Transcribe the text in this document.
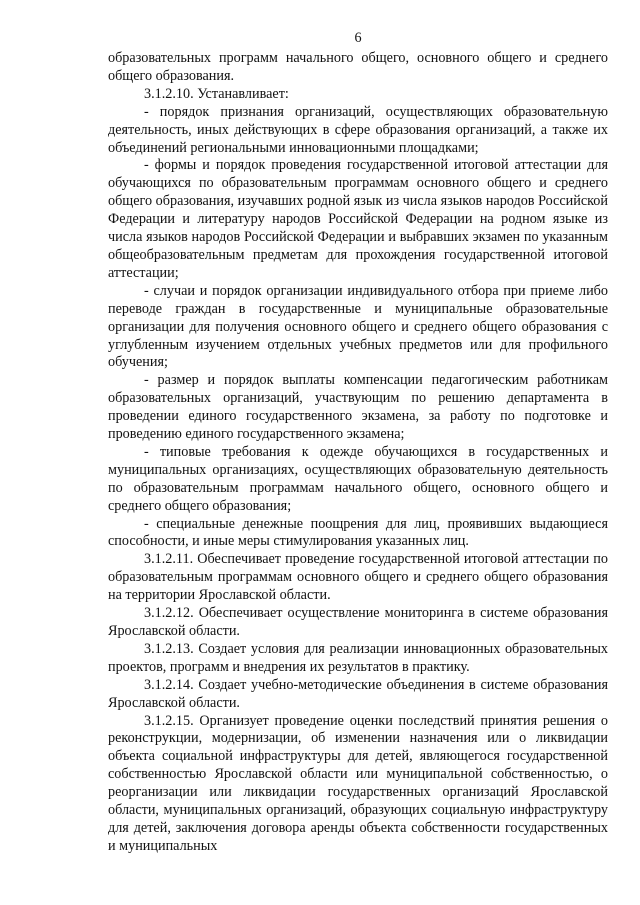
6

образовательных программ начального общего, основного общего и среднего общего образования.

3.1.2.10. Устанавливает:

- порядок признания организаций, осуществляющих образовательную деятельность, иных действующих в сфере образования организаций, а также их объединений региональными инновационными площадками;

- формы и порядок проведения государственной итоговой аттестации для обучающихся по образовательным программам основного общего и среднего общего образования, изучавших родной язык из числа языков народов Российской Федерации и литературу народов Российской Федерации на родном языке из числа языков народов Российской Федерации и выбравших экзамен по указанным общеобразовательным предметам для прохождения государственной итоговой аттестации;

- случаи и порядок организации индивидуального отбора при приеме либо переводе граждан в государственные и муниципальные образовательные организации для получения основного общего и среднего общего образования с углубленным изучением отдельных учебных предметов или для профильного обучения;

- размер и порядок выплаты компенсации педагогическим работникам образовательных организаций, участвующим по решению департамента в проведении единого государственного экзамена, за работу по подготовке и проведению единого государственного экзамена;

- типовые требования к одежде обучающихся в государственных и муниципальных организациях, осуществляющих образовательную деятельность по образовательным программам начального общего, основного общего и среднего общего образования;

- специальные денежные поощрения для лиц, проявивших выдающиеся способности, и иные меры стимулирования указанных лиц.

3.1.2.11. Обеспечивает проведение государственной итоговой аттестации по образовательным программам основного общего и среднего общего образования на территории Ярославской области.

3.1.2.12. Обеспечивает осуществление мониторинга в системе образования Ярославской области.

3.1.2.13. Создает условия для реализации инновационных образовательных проектов, программ и внедрения их результатов в практику.

3.1.2.14. Создает учебно-методические объединения в системе образования Ярославской области.

3.1.2.15. Организует проведение оценки последствий принятия решения о реконструкции, модернизации, об изменении назначения или о ликвидации объекта социальной инфраструктуры для детей, являющегося государственной собственностью Ярославской области или муниципальной собственностью, о реорганизации или ликвидации государственных организаций Ярославской области, муниципальных организаций, образующих социальную инфраструктуру для детей, заключения договора аренды объекта собственности государственных и муниципальных
